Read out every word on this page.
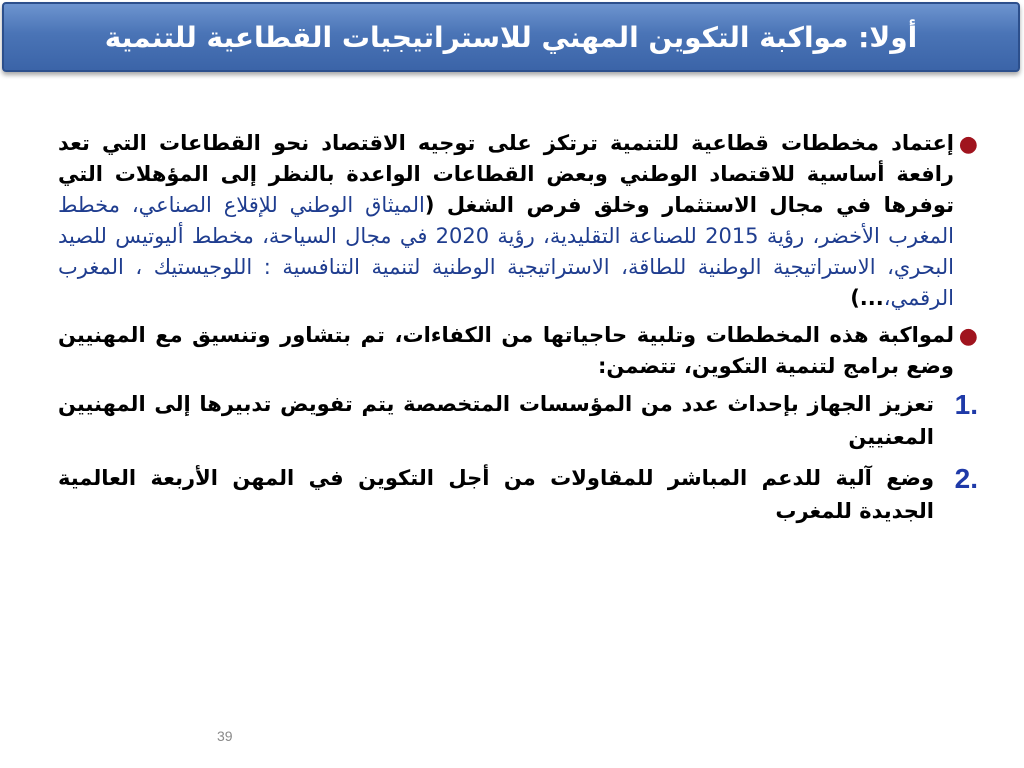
أولا: مواكبة التكوين المهني للاستراتيجيات القطاعية للتنمية

●
إعتماد مخططات قطاعية للتنمية ترتكز على توجيه الاقتصاد نحو القطاعات التي تعد رافعة أساسية للاقتصاد الوطني وبعض القطاعات الواعدة بالنظر إلى المؤهلات التي توفرها في مجال الاستثمار وخلق فرص الشغل (الميثاق الوطني للإقلاع الصناعي، مخطط المغرب الأخضر، رؤية 2015 للصناعة التقليدية، رؤية 2020 في مجال السياحة، مخطط أليوتيس للصيد البحري، الاستراتيجية الوطنية للطاقة، الاستراتيجية الوطنية لتنمية التنافسية : اللوجيستيك ، المغرب الرقمي،...)

●
لمواكبة هذه المخططات وتلبية حاجياتها من الكفاءات، تم بتشاور وتنسيق مع المهنيين وضع برامج لتنمية التكوين، تتضمن:

1.
تعزيز الجهاز بإحداث عدد من المؤسسات المتخصصة يتم تفويض تدبيرها إلى المهنيين المعنيين

2.
وضع آلية للدعم المباشر للمقاولات من أجل التكوين في المهن الأربعة العالمية الجديدة للمغرب

39
